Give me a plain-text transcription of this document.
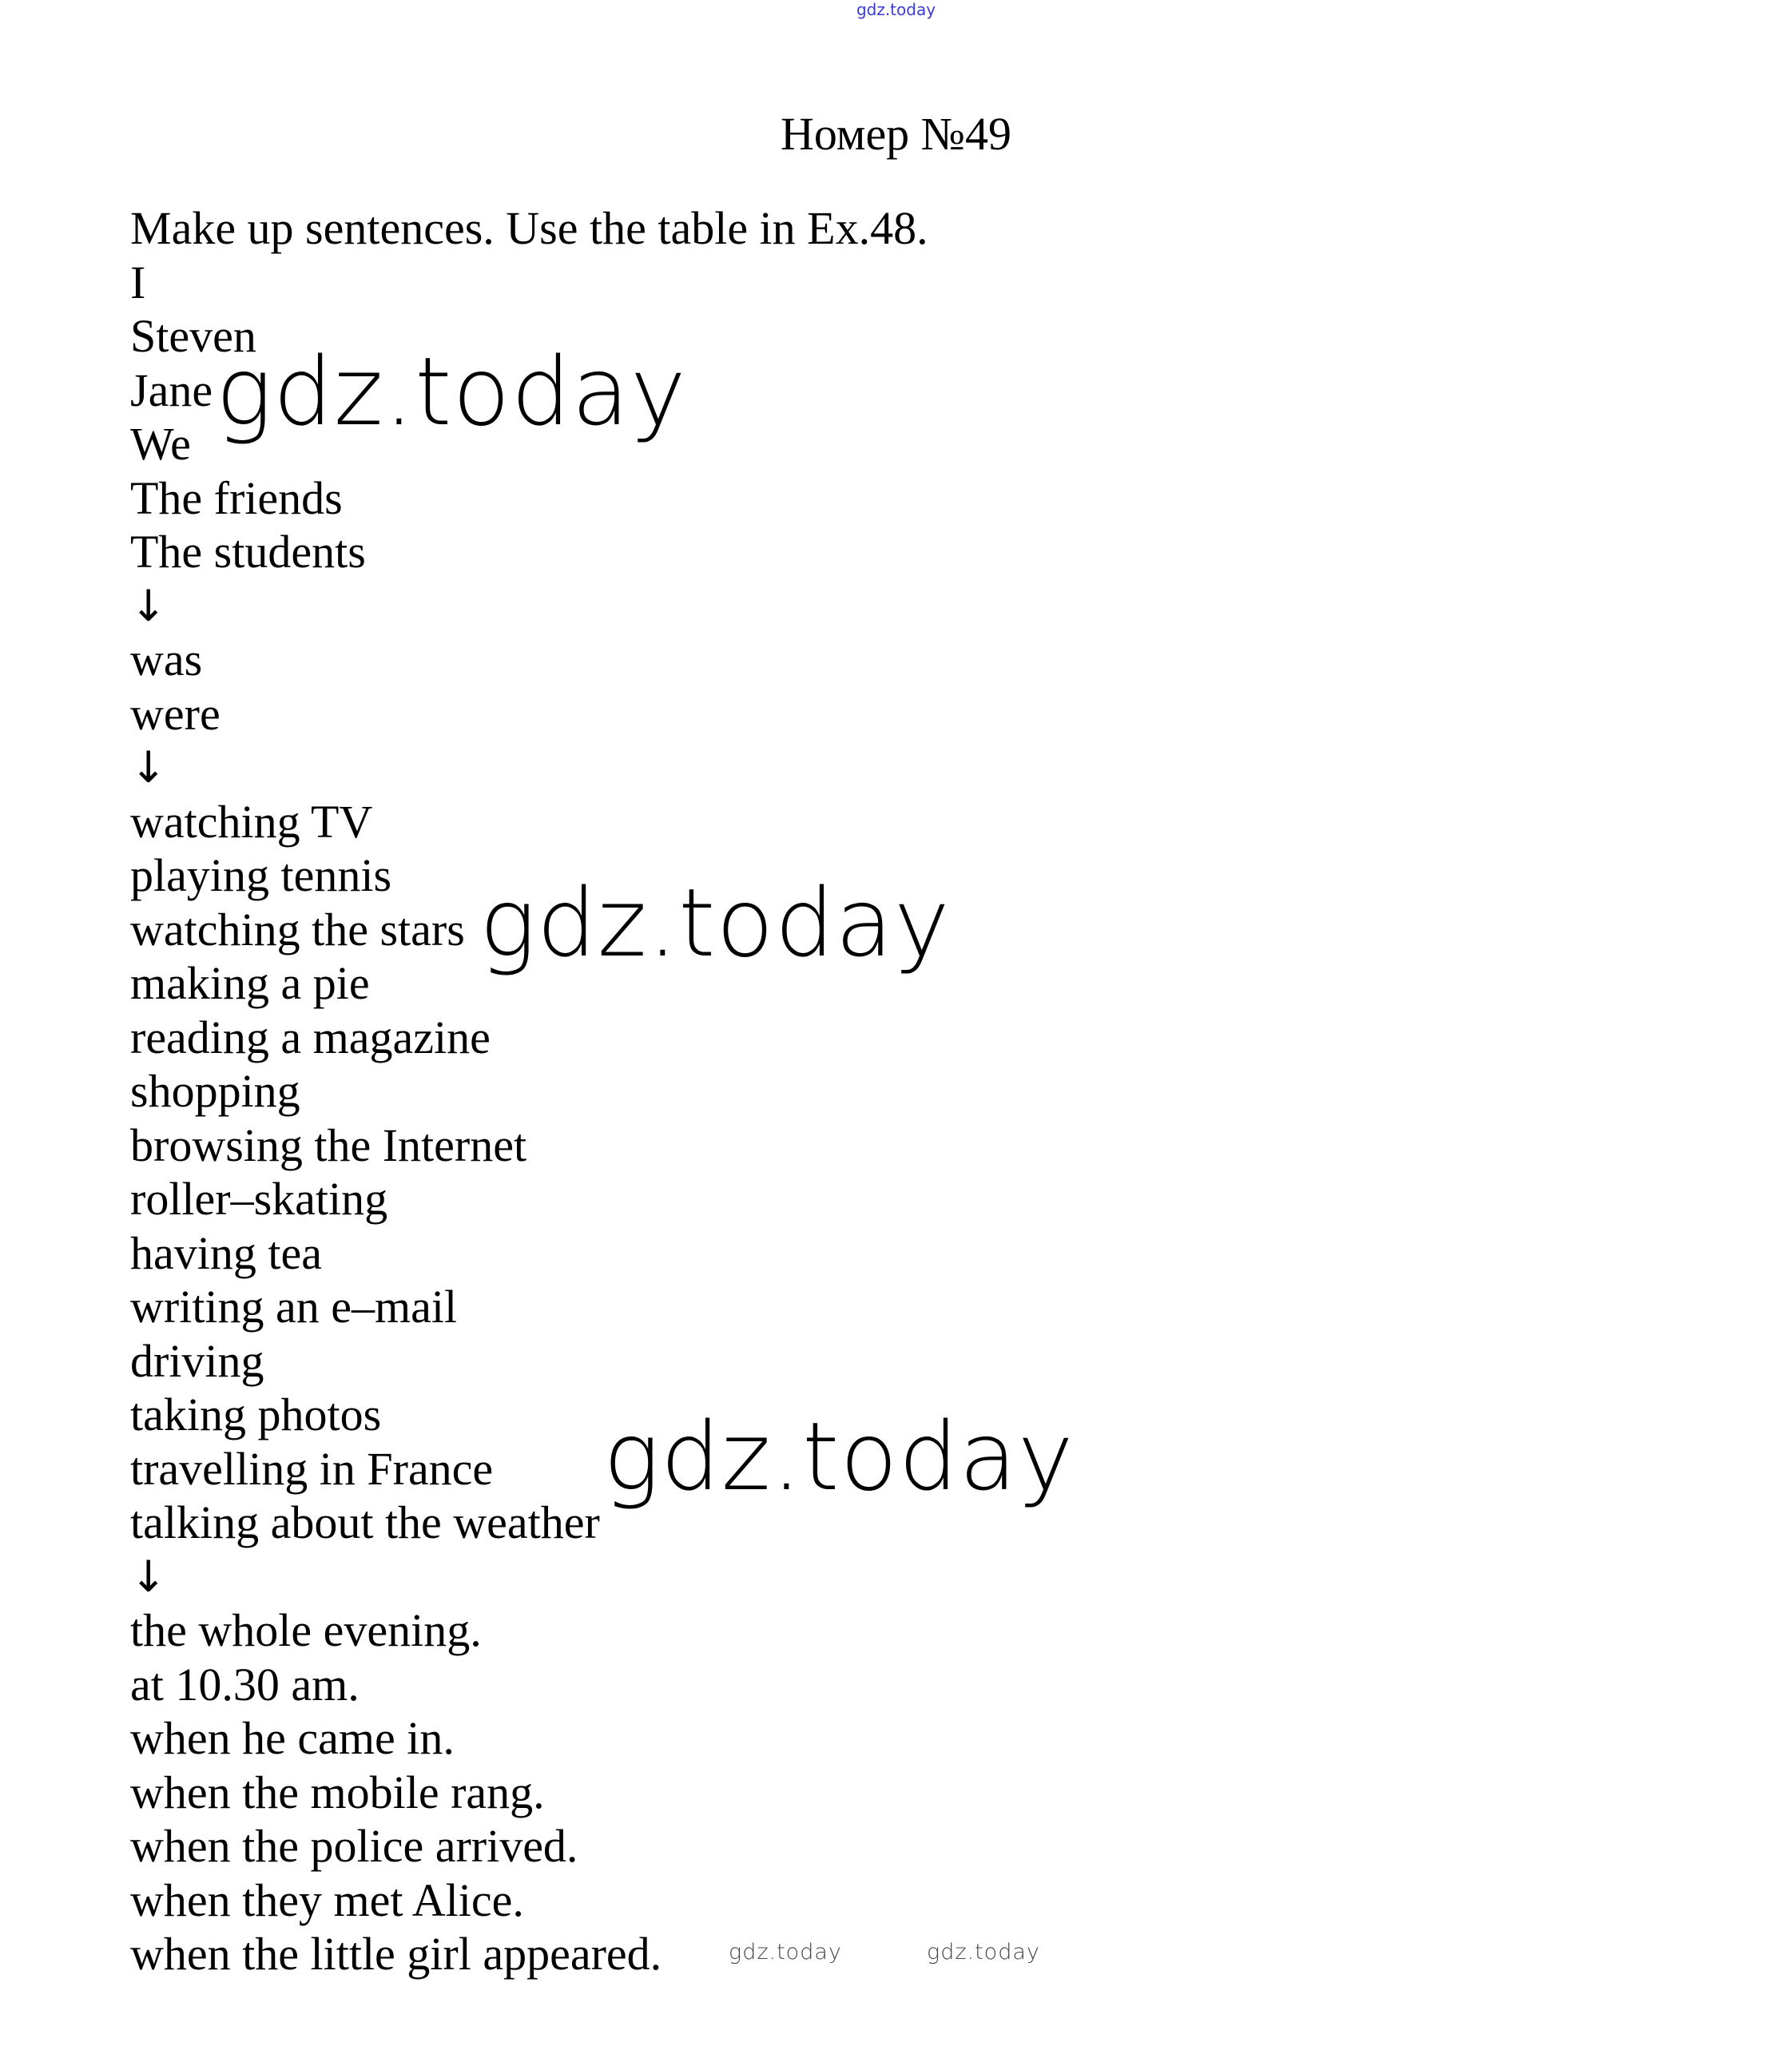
gdz.today
Номер №49
Make up sentences. Use the table in Ex.48.
I
Steven
Jane
We
The friends
The students
↓
was
were
↓
watching TV
playing tennis
watching the stars
making a pie
reading a magazine
shopping
browsing the Internet
roller–skating
having tea
writing an e–mail
driving
taking photos
travelling in France
talking about the weather
↓
the whole evening.
at 10.30 am.
when he came in.
when the mobile rang.
when the police arrived.
when they met Alice.
when the little girl appeared.
gdz.today
gdz.today
gdz.today
gdz.today	gdz.today
